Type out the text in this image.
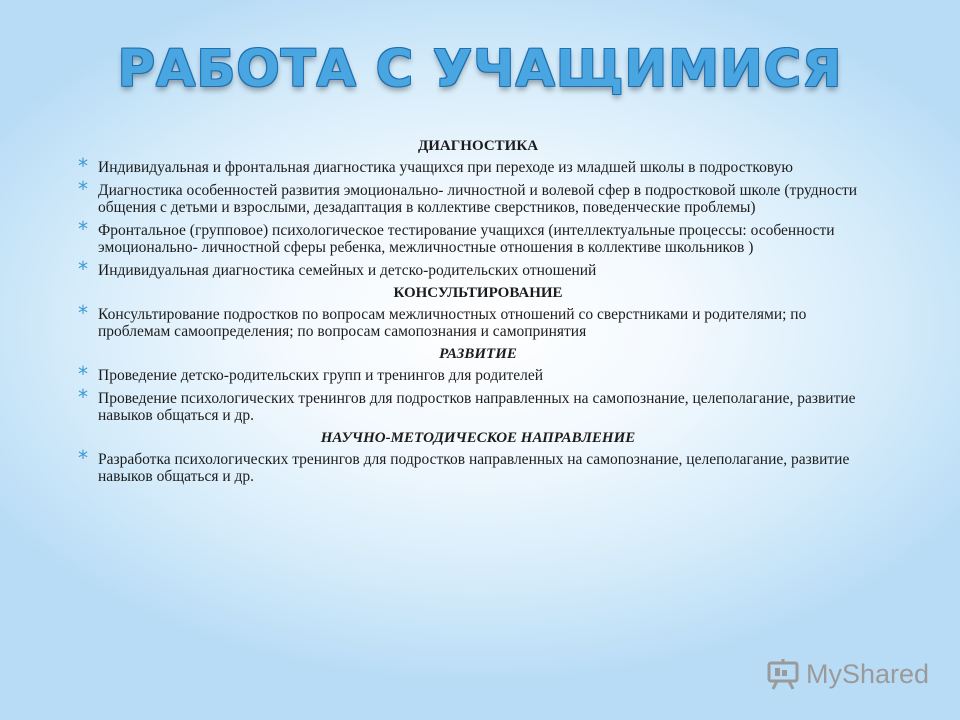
РАБОТА С УЧАЩИМИСЯ
ДИАГНОСТИКА
* Индивидуальная и фронтальная диагностика учащихся при переходе из младшей школы в подростковую
* Диагностика особенностей развития эмоционально- личностной и волевой сфер в подростковой школе (трудности общения с детьми и взрослыми, дезадаптация в коллективе сверстников, поведенческие проблемы)
* Фронтальное (групповое) психологическое тестирование учащихся (интеллектуальные процессы: особенности эмоционально- личностной сферы ребенка, межличностные отношения в коллективе школьников )
* Индивидуальная диагностика семейных и детско-родительских отношений
КОНСУЛЬТИРОВАНИЕ
* Консультирование подростков по вопросам межличностных отношений со сверстниками и родителями; по проблемам самоопределения; по вопросам самопознания и самопринятия
РАЗВИТИЕ
* Проведение детско-родительских групп и тренингов для родителей
* Проведение психологических тренингов для подростков направленных на самопознание, целеполагание, развитие навыков общаться и др.
НАУЧНО-МЕТОДИЧЕСКОЕ НАПРАВЛЕНИЕ
* Разработка психологических тренингов для подростков направленных на самопознание, целеполагание, развитие навыков общаться и др.
MyShared
